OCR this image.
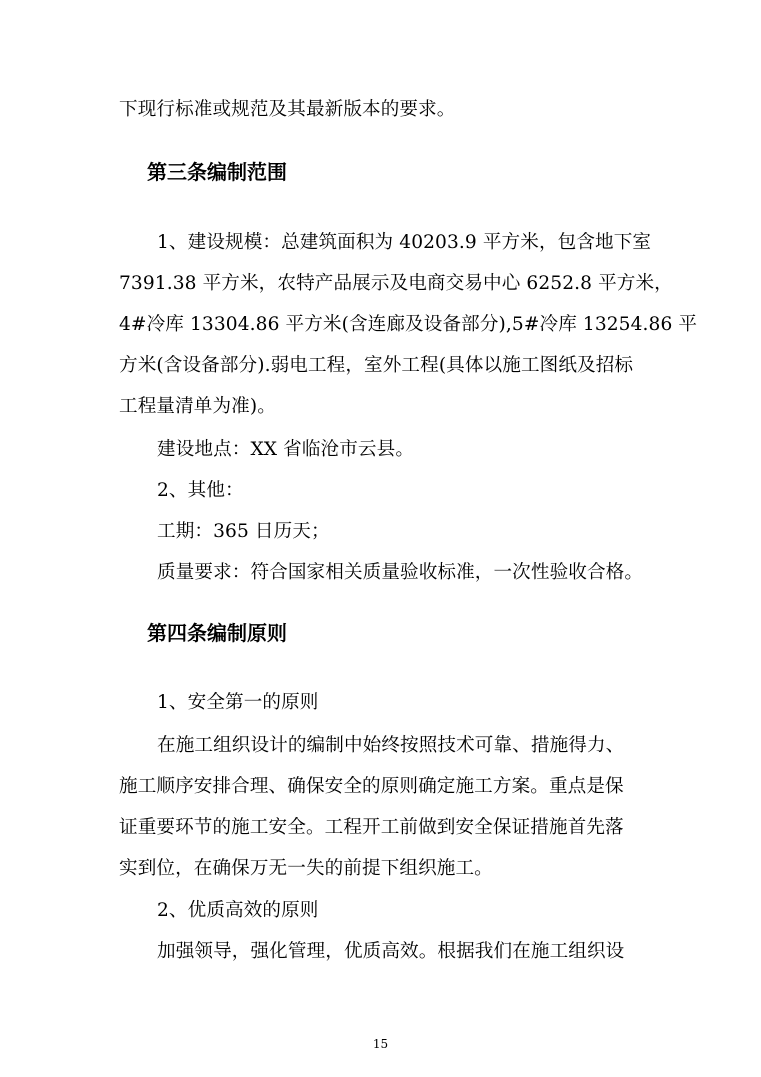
下现行标准或规范及其最新版本的要求。
第三条编制范围
1、建设规模：总建筑面积为 40203.9 平方米，包含地下室
7391.38 平方米，农特产品展示及电商交易中心 6252.8 平方米，
4#冷库 13304.86 平方米(含连廊及设备部分),5#冷库 13254.86 平
方米(含设备部分).弱电工程，室外工程(具体以施工图纸及招标
工程量清单为准)。
建设地点：XX 省临沧市云县。
2、其他：
工期：365 日历天；
质量要求：符合国家相关质量验收标准，一次性验收合格。
第四条编制原则
1、安全第一的原则
在施工组织设计的编制中始终按照技术可靠、措施得力、
施工顺序安排合理、确保安全的原则确定施工方案。重点是保
证重要环节的施工安全。工程开工前做到安全保证措施首先落
实到位，在确保万无一失的前提下组织施工。
2、优质高效的原则
加强领导，强化管理，优质高效。根据我们在施工组织设
15
